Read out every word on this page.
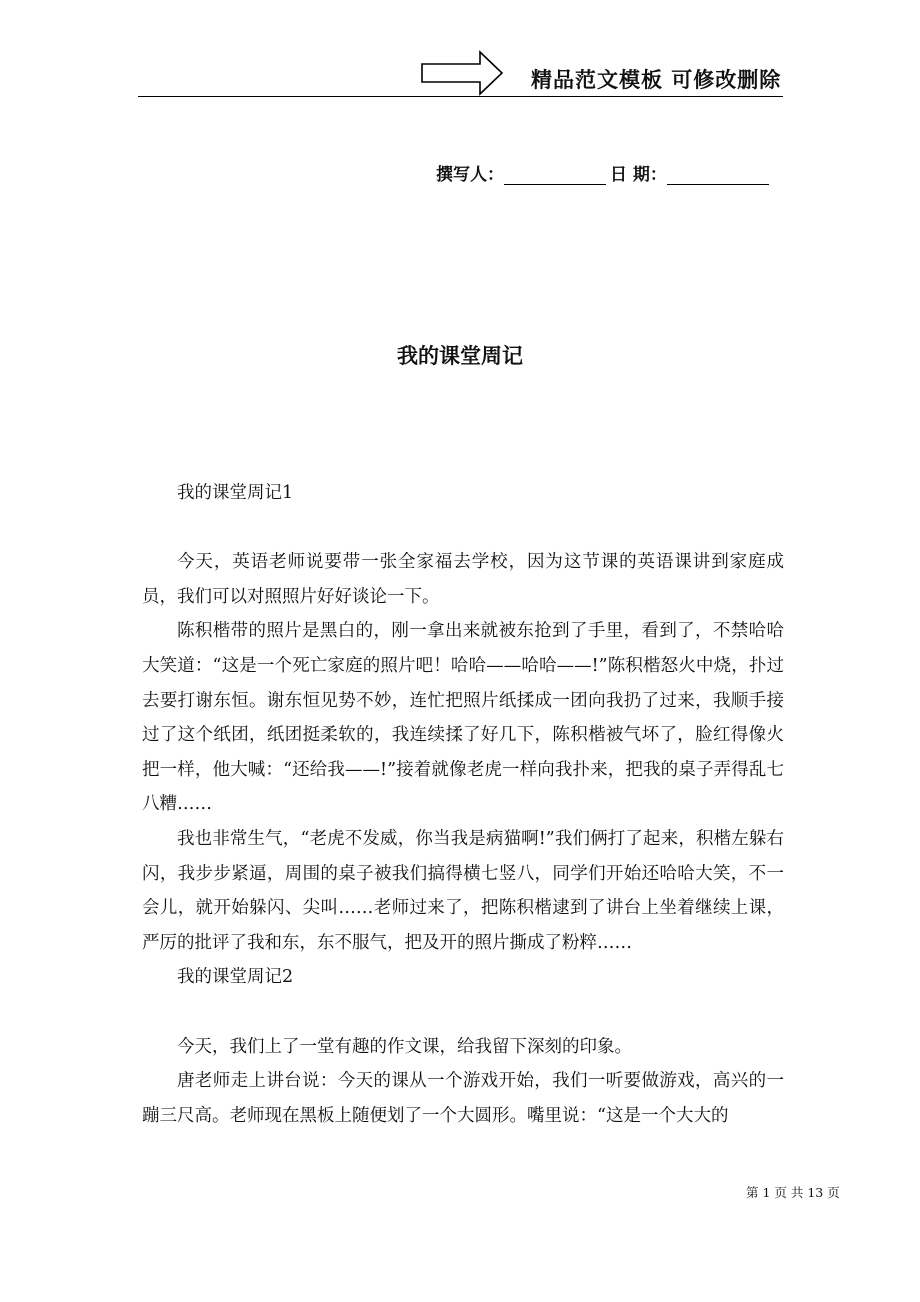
精品范文模板 可修改删除
撰写人：	日 期：
我的课堂周记

我的课堂周记1

今天，英语老师说要带一张全家福去学校，因为这节课的英语课讲到家庭成员，我们可以对照照片好好谈论一下。

陈积楷带的照片是黑白的，刚一拿出来就被东抢到了手里，看到了，不禁哈哈大笑道：“这是一个死亡家庭的照片吧！哈哈——哈哈——!”陈积楷怒火中烧，扑过去要打谢东恒。谢东恒见势不妙，连忙把照片纸揉成一团向我扔了过来，我顺手接过了这个纸团，纸团挺柔软的，我连续揉了好几下，陈积楷被气坏了，脸红得像火把一样，他大喊：“还给我——!”接着就像老虎一样向我扑来，把我的桌子弄得乱七八糟……

我也非常生气，“老虎不发威，你当我是病猫啊!”我们俩打了起来，积楷左躲右闪，我步步紧逼，周围的桌子被我们搞得横七竖八，同学们开始还哈哈大笑，不一会儿，就开始躲闪、尖叫……老师过来了，把陈积楷逮到了讲台上坐着继续上课，严厉的批评了我和东，东不服气，把及开的照片撕成了粉粹……

我的课堂周记2

今天，我们上了一堂有趣的作文课，给我留下深刻的印象。

唐老师走上讲台说：今天的课从一个游戏开始，我们一听要做游戏，高兴的一蹦三尺高。老师现在黑板上随便划了一个大圆形。嘴里说：“这是一个大大的

第 1 页 共 13 页
